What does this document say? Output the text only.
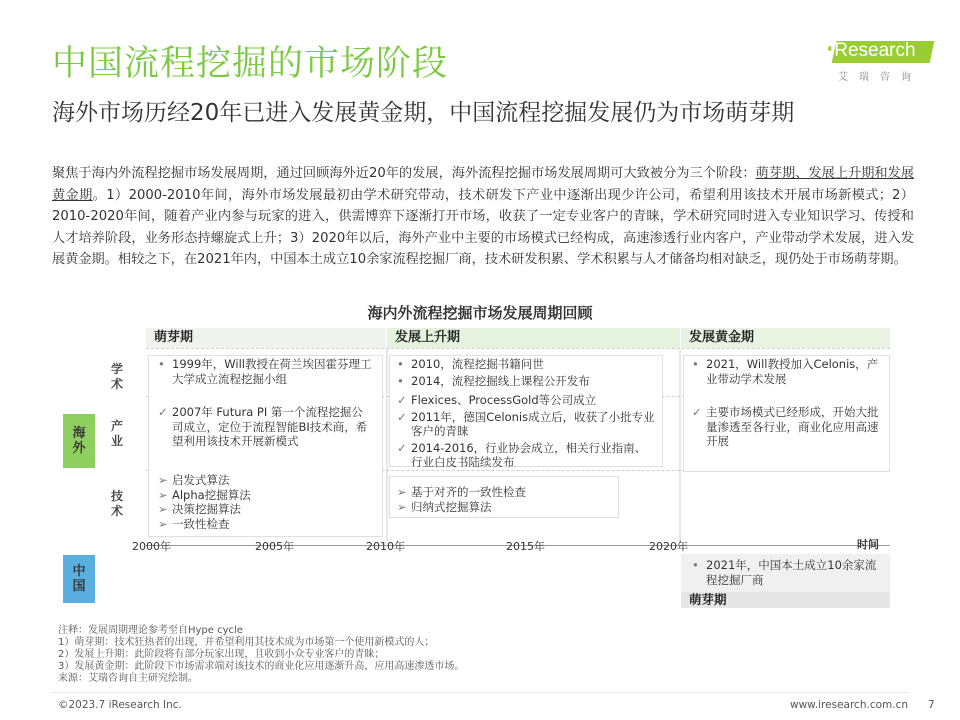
中国流程挖掘的市场阶段	iResearch
艾瑞咨询
海外市场历经20年已进入发展黄金期，中国流程挖掘发展仍为市场萌芽期
聚焦于海内外流程挖掘市场发展周期，通过回顾海外近20年的发展，海外流程挖掘市场发展周期可大致被分为三个阶段：萌芽期、发展上升期和发展黄金期。1）2000-2010年间，海外市场发展最初由学术研究带动，技术研发下产业中逐渐出现少许公司，希望利用该技术开展市场新模式；2）2010-2020年间，随着产业内参与玩家的进入，供需博弈下逐渐打开市场，收获了一定专业客户的青睐，学术研究同时进入专业知识学习、传授和人才培养阶段，业务形态持螺旋式上升；3）2020年以后，海外产业中主要的市场模式已经构成，高速渗透行业内客户，产业带动学术发展，进入发展黄金期。相较之下，在2021年内，中国本土成立10余家流程挖掘厂商，技术研发积累、学术积累与人才储备均相对缺乏，现仍处于市场萌芽期。
海内外流程挖掘市场发展周期回顾
萌芽期	发展上升期	发展黄金期
海
外
中
国
学
术
产
业
技
术
• 1999年，Will教授在荷兰埃因霍芬理工大学成立流程挖掘小组
• 2010，流程挖掘书籍问世
• 2014，流程挖掘线上课程公开发布
• 2021，Will教授加入Celonis，产业带动学术发展
✓ 2007年 Futura PI 第一个流程挖掘公司成立，定位于流程智能BI技术商，希望利用该技术开展新模式
✓ Flexices、ProcessGold等公司成立
✓ 2011年，德国Celonis成立后，收获了小批专业客户的青睐
✓ 2014-2016，行业协会成立，相关行业指南、行业白皮书陆续发布
✓ 主要市场模式已经形成，开始大批量渗透至各行业，商业化应用高速开展
➢ 启发式算法
➢ Alpha挖掘算法
➢ 决策挖掘算法
➢ 一致性检查
➢ 基于对齐的一致性检查
➢ 归纳式挖掘算法
2000年	2005年	2010年	2015年	2020年	时间
• 2021年，中国本土成立10余家流程挖掘厂商
萌芽期
注释：发展周期理论参考至自Hype cycle
1）萌芽期：技术狂热者的出现，并希望利用其技术成为市场第一个使用新模式的人；
2）发展上升期：此阶段将有部分玩家出现，且收到小众专业客户的青睐；
3）发展黄金期：此阶段下市场需求端对该技术的商业化应用逐渐升高，应用高速渗透市场。
来源：艾瑞咨询自主研究绘制。
©2023.7 iResearch Inc.	www.iresearch.com.cn 7
